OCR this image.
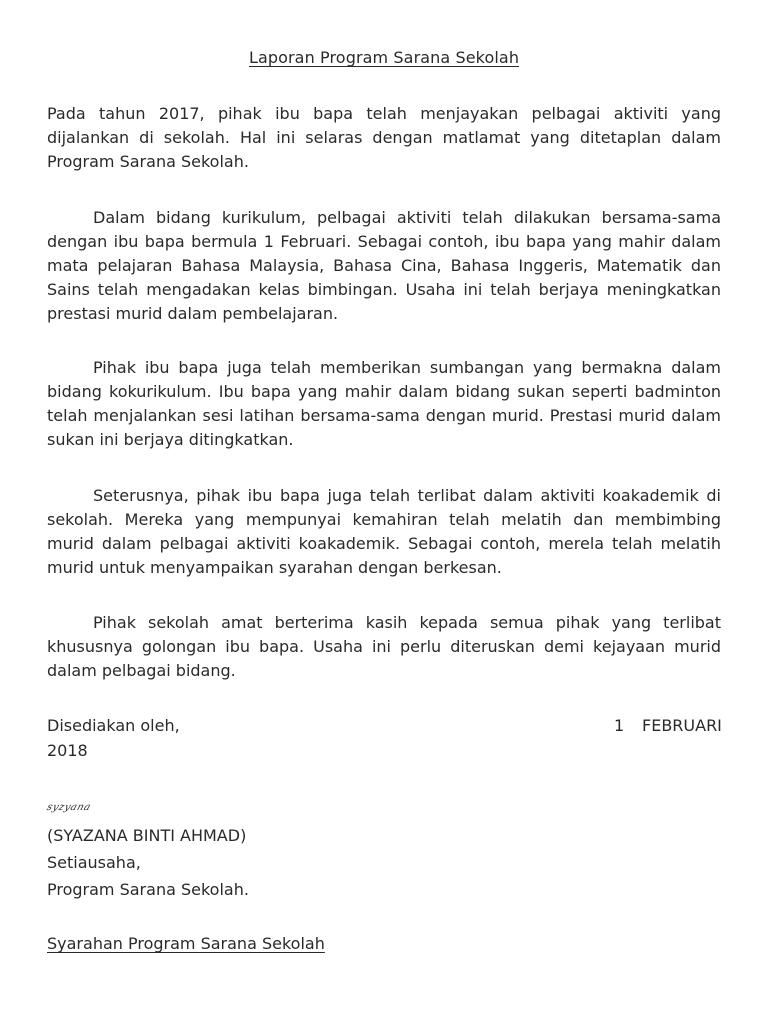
Laporan Program Sarana Sekolah

Pada tahun 2017, pihak ibu bapa telah menjayakan pelbagai aktiviti yang dijalankan di sekolah. Hal ini selaras dengan matlamat yang ditetaplan dalam Program Sarana Sekolah.

Dalam bidang kurikulum, pelbagai aktiviti telah dilakukan bersama-sama dengan ibu bapa bermula 1 Februari. Sebagai contoh, ibu bapa yang mahir dalam mata pelajaran Bahasa Malaysia, Bahasa Cina, Bahasa Inggeris, Matematik dan Sains telah mengadakan kelas bimbingan. Usaha ini telah berjaya meningkatkan prestasi murid dalam pembelajaran.

Pihak ibu bapa juga telah memberikan sumbangan yang bermakna dalam bidang kokurikulum. Ibu bapa yang mahir dalam bidang sukan seperti badminton telah menjalankan sesi latihan bersama-sama dengan murid. Prestasi murid dalam sukan ini berjaya ditingkatkan.

Seterusnya, pihak ibu bapa juga telah terlibat dalam aktiviti koakademik di sekolah. Mereka yang mempunyai kemahiran telah melatih dan membimbing murid dalam pelbagai aktiviti koakademik. Sebagai contoh, merela telah melatih murid untuk menyampaikan syarahan dengan berkesan.

Pihak sekolah amat berterima kasih kepada semua pihak yang terlibat khususnya golongan ibu bapa. Usaha ini perlu diteruskan demi kejayaan murid dalam pelbagai bidang.

Disediakan oleh,	1 FEBRUARI
2018
syzyana
(SYAZANA BINTI AHMAD)
Setiausaha,
Program Sarana Sekolah.
Syarahan Program Sarana Sekolah
